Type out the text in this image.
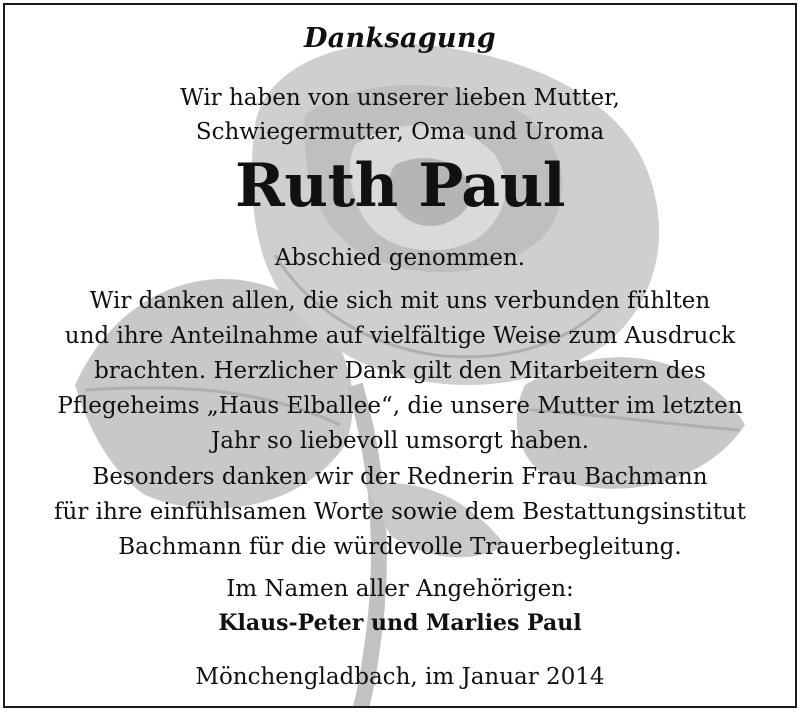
Danksagung
Wir haben von unserer lieben Mutter,
Schwiegermutter, Oma und Uroma
Ruth Paul
Abschied genommen.
Wir danken allen, die sich mit uns verbunden fühlten
und ihre Anteilnahme auf vielfältige Weise zum Ausdruck
brachten. Herzlicher Dank gilt den Mitarbeitern des
Pflegeheims „Haus Elballee“, die unsere Mutter im letzten
Jahr so liebevoll umsorgt haben.
Besonders danken wir der Rednerin Frau Bachmann
für ihre einfühlsamen Worte sowie dem Bestattungsinstitut
Bachmann für die würdevolle Trauerbegleitung.
Im Namen aller Angehörigen:
Klaus-Peter und Marlies Paul
Mönchengladbach, im Januar 2014
